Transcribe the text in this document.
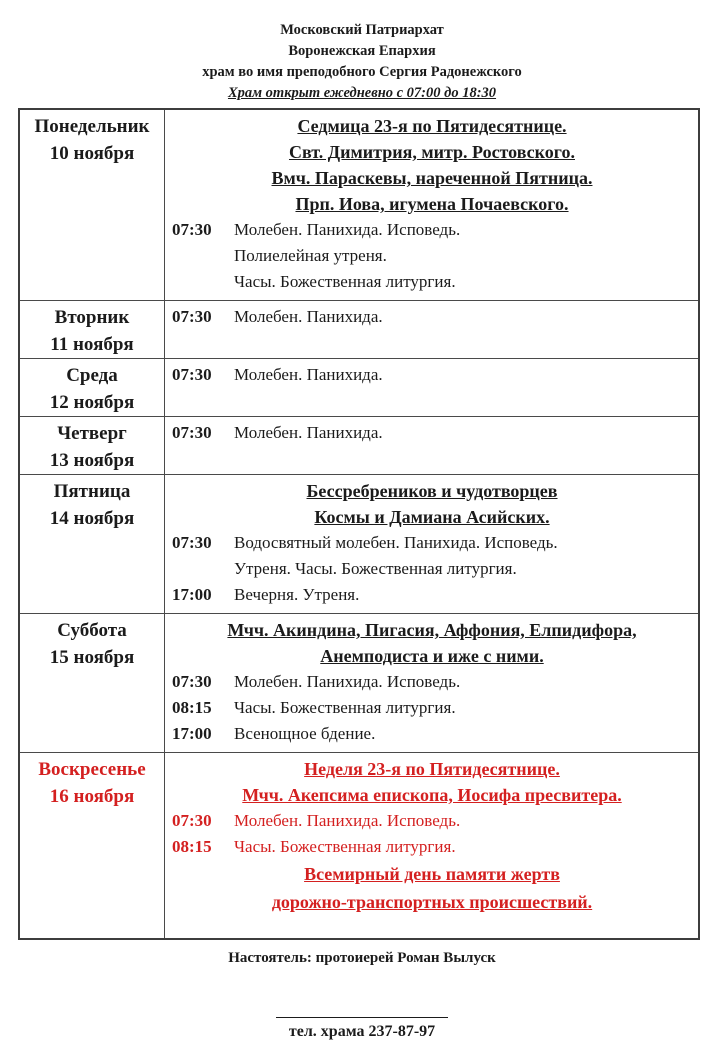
Московский Патриархат
Воронежская Епархия
храм во имя преподобного Сергия Радонежского
Храм открыт ежедневно с 07:00 до 18:30
Понедельник
10 ноября
Седмица 23-я по Пятидесятнице.
Свт. Димитрия, митр. Ростовского.
Вмч. Параскевы, нареченной Пятница.
Прп. Иова, игумена Почаевского.
07:30 Молебен. Панихида. Исповедь.
Полиелейная утреня.
Часы. Божественная литургия.
Вторник
11 ноября
07:30 Молебен. Панихида.
Среда
12 ноября
07:30 Молебен. Панихида.
Четверг
13 ноября
07:30 Молебен. Панихида.
Пятница
14 ноября
Бессребреников и чудотворцев
Космы и Дамиана Асийских.
07:30 Водосвятный молебен. Панихида. Исповедь.
Утреня. Часы. Божественная литургия.
17:00 Вечерня. Утреня.
Суббота
15 ноября
Мчч. Акиндина, Пигасия, Аффония, Елпидифора,
Анемподиста и иже с ними.
07:30 Молебен. Панихида. Исповедь.
08:15 Часы. Божественная литургия.
17:00 Всенощное бдение.
Воскресенье
16 ноября
Неделя 23-я по Пятидесятнице.
Мчч. Акепсима епископа, Иосифа пресвитера.
07:30 Молебен. Панихида. Исповедь.
08:15 Часы. Божественная литургия.
Всемирный день памяти жертв
дорожно-транспортных происшествий.
Настоятель: протоиерей Роман Вылуск
тел. храма 237-87-97
